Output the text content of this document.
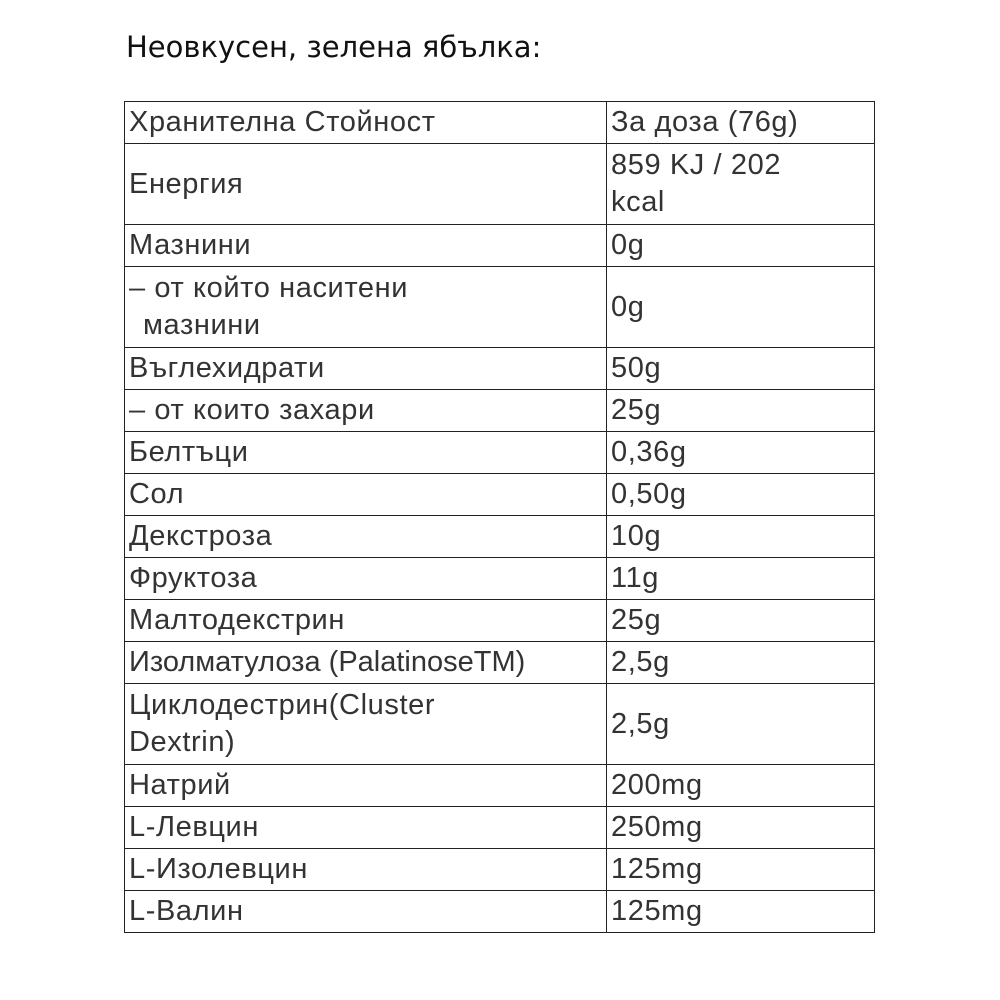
Неовкусен, зелена ябълка:
Хранителна Стойност	За доза (76g)
Енергия	859 KJ / 202
kcal
Мазнини	0g
– от който наситени
мазнини	0g
Въглехидрати	50g
– от които захари	25g
Белтъци	0,36g
Сол	0,50g
Декстроза	10g
Фруктоза	11g
Малтодекстрин	25g
Изолматулоза (PalatinoseTM)	2,5g
Циклодестрин(Cluster
Dextrin)	2,5g
Натрий	200mg
L-Левцин	250mg
L-Изолевцин	125mg
L-Валин	125mg
